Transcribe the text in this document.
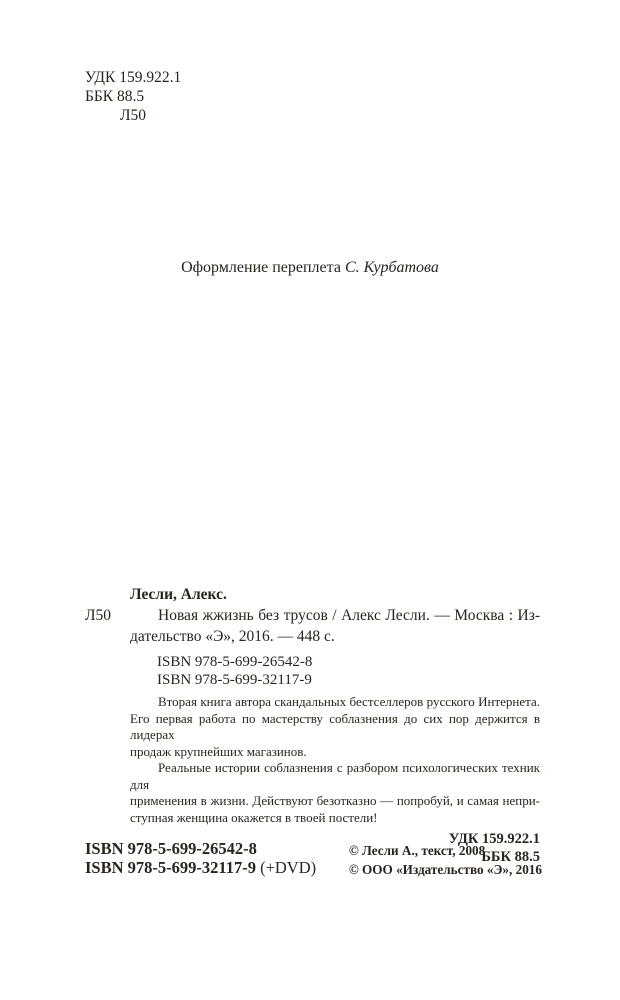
УДК 159.922.1
ББК 88.5
Л50
Оформление переплета С. Курбатова
Л50
Лесли, Алекс.
Новая жжизнь без трусов / Алекс Лесли. — Москва : Из-
дательство «Э», 2016. — 448 с.
ISBN 978-5-699-26542-8
ISBN 978-5-699-32117-9
Вторая книга автора скандальных бестселлеров русского Интернета.
Его первая работа по мастерству соблазнения до сих пор держится в лидерах
продаж крупнейших магазинов.
Реальные истории соблазнения с разбором психологических техник для
применения в жизни. Действуют безотказно — попробуй, и самая непри-
ступная женщина окажется в твоей постели!
УДК 159.922.1
ББК 88.5
ISBN 978-5-699-26542-8
ISBN 978-5-699-32117-9 (+DVD)
© Лесли А., текст, 2008
© ООО «Издательство «Э», 2016
